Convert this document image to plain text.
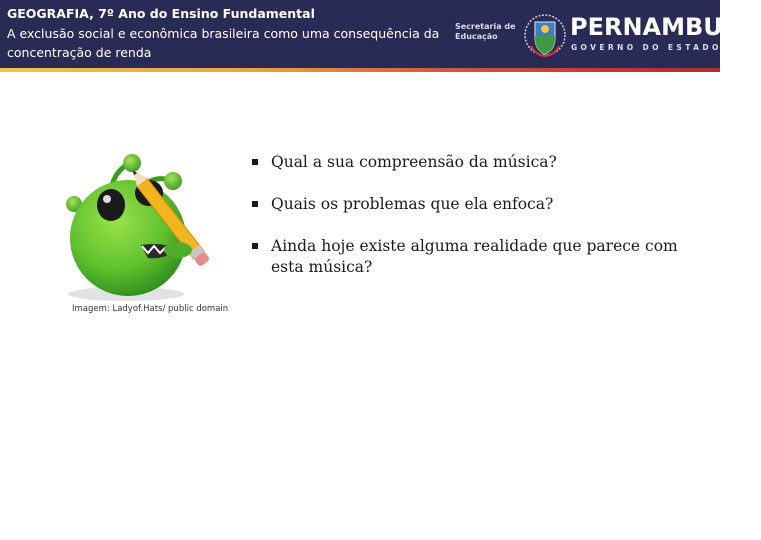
GEOGRAFIA, 7º Ano do Ensino Fundamental
A exclusão social e econômica brasileira como uma consequência da concentração de renda
Secretaria de
Educação	PERNAMBUCO
GOVERNO DO ESTADO
Imagem: Ladyof.Hats/ public domain
Qual a sua compreensão da música?
Quais os problemas que ela enfoca?
Ainda hoje existe alguma realidade que parece com esta música?
